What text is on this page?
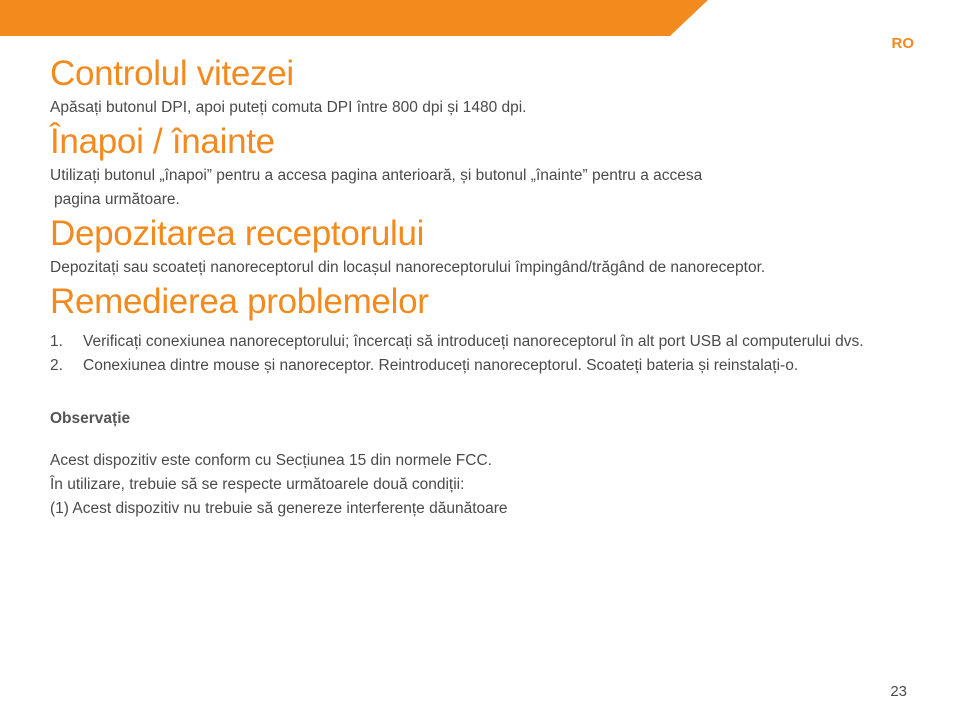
RO
Controlul vitezei

Apăsați butonul DPI, apoi puteți comuta DPI între 800 dpi și 1480 dpi.

Înapoi / înainte

Utilizați butonul „înapoi” pentru a accesa pagina anterioară, și butonul „înainte” pentru a accesa
pagina următoare.

Depozitarea receptorului

Depozitați sau scoateți nanoreceptorul din locașul nanoreceptorului împingând/trăgând de nanoreceptor.

Remedierea problemelor
1. Verificați conexiunea nanoreceptorului; încercați să introduceți nanoreceptorul în alt port USB al computerului dvs.
2. Conexiunea dintre mouse și nanoreceptor. Reintroduceți nanoreceptorul. Scoateți bateria și reinstalați-o.
Observație

Acest dispozitiv este conform cu Secțiunea 15 din normele FCC.

În utilizare, trebuie să se respecte următoarele două condiții:

(1) Acest dispozitiv nu trebuie să genereze interferențe dăunătoare

23
